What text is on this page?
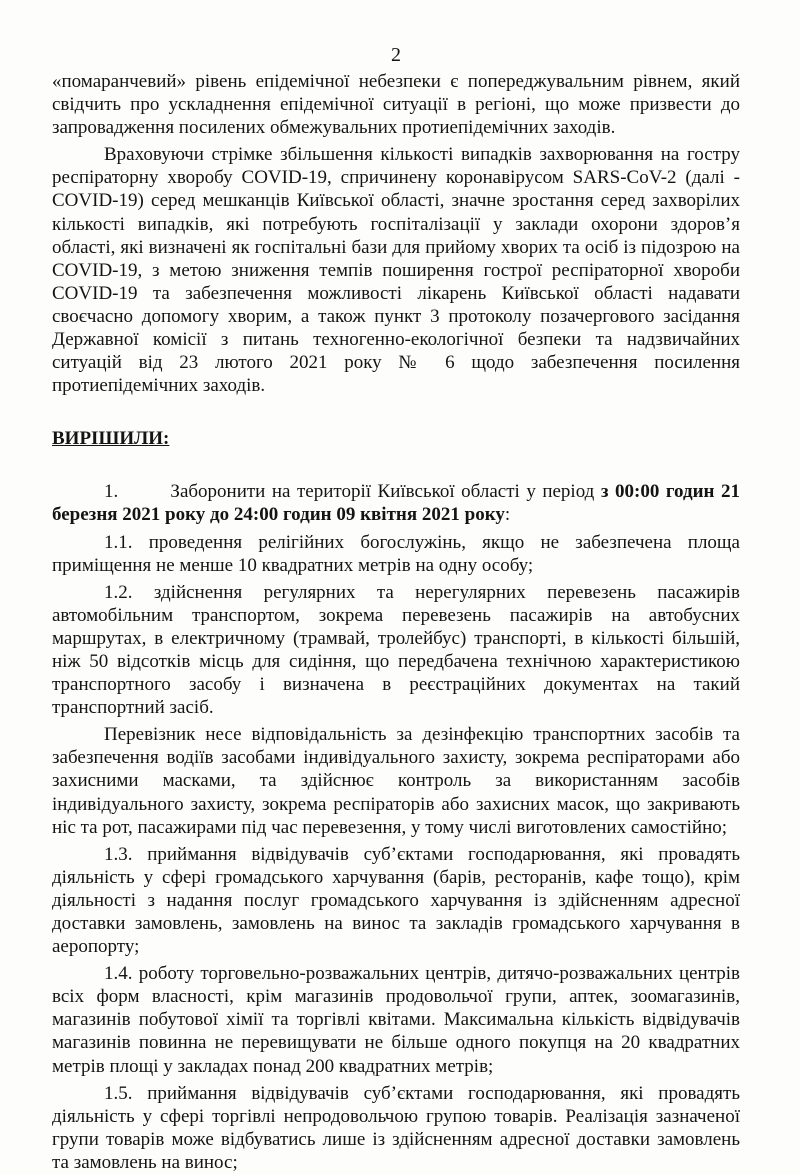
2

«помаранчевий» рівень епідемічної небезпеки є попереджувальним рівнем, який свідчить про ускладнення епідемічної ситуації в регіоні, що може призвести до запровадження посилених обмежувальних протиепідемічних заходів.

Враховуючи стрімке збільшення кількості випадків захворювання на гостру респіраторну хворобу COVID-19, спричинену коронавірусом SARS-CoV-2 (далі - COVID-19) серед мешканців Київської області, значне зростання серед захворілих кількості випадків, які потребують госпіталізації у заклади охорони здоров’я області, які визначені як госпітальні бази для прийому хворих та осіб із підозрою на COVID-19, з метою зниження темпів поширення гострої респіраторної хвороби COVID-19 та забезпечення можливості лікарень Київської області надавати своєчасно допомогу хворим, а також пункт 3 протоколу позачергового засідання Державної комісії з питань техногенно-екологічної безпеки та надзвичайних ситуацій від 23 лютого 2021 року № 6 щодо забезпечення посилення протиепідемічних заходів.

ВИРІШИЛИ:

1.	Заборонити на території Київської області у період з 00:00 годин 21 березня 2021 року до 24:00 годин 09 квітня 2021 року:

1.1. проведення релігійних богослужінь, якщо не забезпечена площа приміщення не менше 10 квадратних метрів на одну особу;

1.2. здійснення регулярних та нерегулярних перевезень пасажирів автомобільним транспортом, зокрема перевезень пасажирів на автобусних маршрутах, в електричному (трамвай, тролейбус) транспорті, в кількості більшій, ніж 50 відсотків місць для сидіння, що передбачена технічною характеристикою транспортного засобу і визначена в реєстраційних документах на такий транспортний засіб.

Перевізник несе відповідальність за дезінфекцію транспортних засобів та забезпечення водіїв засобами індивідуального захисту, зокрема респіраторами або захисними масками, та здійснює контроль за використанням засобів індивідуального захисту, зокрема респіраторів або захисних масок, що закривають ніс та рот, пасажирами під час перевезення, у тому числі виготовлених самостійно;

1.3. приймання відвідувачів суб’єктами господарювання, які провадять діяльність у сфері громадського харчування (барів, ресторанів, кафе тощо), крім діяльності з надання послуг громадського харчування із здійсненням адресної доставки замовлень, замовлень на винос та закладів громадського харчування в аеропорту;

1.4. роботу торговельно-розважальних центрів, дитячо-розважальних центрів всіх форм власності, крім магазинів продовольчої групи, аптек, зоомагазинів, магазинів побутової хімії та торгівлі квітами. Максимальна кількість відвідувачів магазинів повинна не перевищувати не більше одного покупця на 20 квадратних метрів площі у закладах понад 200 квадратних метрів;

1.5. приймання відвідувачів суб’єктами господарювання, які провадять діяльність у сфері торгівлі непродовольчою групою товарів. Реалізація зазначеної групи товарів може відбуватись лише із здійсненням адресної доставки замовлень та замовлень на винос;
